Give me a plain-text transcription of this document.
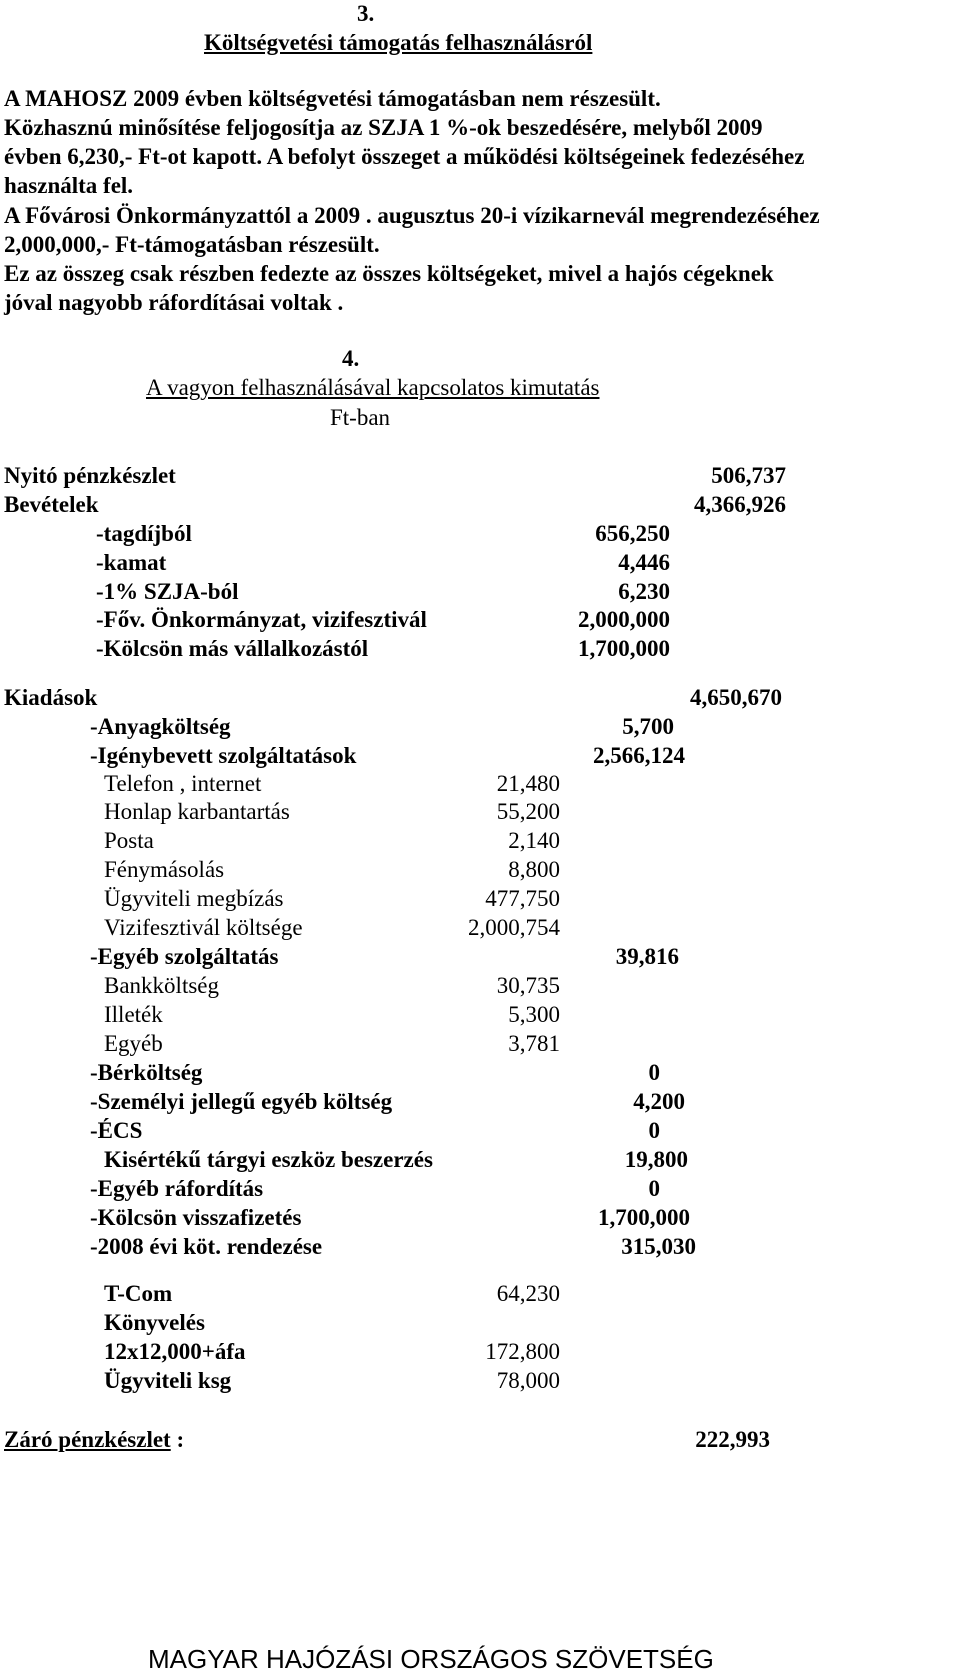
3.
Költségvetési támogatás felhasználásról
A MAHOSZ 2009 évben költségvetési támogatásban nem részesült.
Közhasznú minősítése feljogosítja az SZJA 1 %-ok beszedésére, melyből 2009
évben 6,230,- Ft-ot kapott. A befolyt összeget a működési költségeinek fedezéséhez
használta fel.
A Fővárosi Önkormányzattól a 2009 . augusztus 20-i vízikarnevál megrendezéséhez
2,000,000,- Ft-támogatásban részesült.
Ez az összeg csak részben fedezte az összes költségeket, mivel a hajós cégeknek
jóval nagyobb ráfordításai voltak .
4.
A vagyon felhasználásával kapcsolatos kimutatás
Ft-ban
Nyitó pénzkészlet	506,737
Bevételek	4,366,926
-tagdíjból	656,250
-kamat	4,446
-1% SZJA-ból	6,230
-Főv. Önkormányzat, vizifesztivál	2,000,000
-Kölcsön más vállalkozástól	1,700,000
Kiadások	4,650,670
-Anyagköltség	5,700
-Igénybevett szolgáltatások	2,566,124
Telefon , internet	21,480
Honlap karbantartás	55,200
Posta	2,140
Fénymásolás	8,800
Ügyviteli megbízás	477,750
Vizifesztivál költsége	2,000,754
-Egyéb szolgáltatás	39,816
Bankköltség	30,735
Illeték	5,300
Egyéb	3,781
-Bérköltség	0
-Személyi jellegű egyéb költség	4,200
-ÉCS	0
Kisértékű tárgyi eszköz beszerzés	19,800
-Egyéb ráfordítás	0
-Kölcsön visszafizetés	1,700,000
-2008 évi köt. rendezése	315,030
T-Com	64,230
Könyvelés
12x12,000+áfa	172,800
Ügyviteli ksg	78,000
Záró pénzkészlet :	222,993
MAGYAR HAJÓZÁSI ORSZÁGOS SZÖVETSÉG
